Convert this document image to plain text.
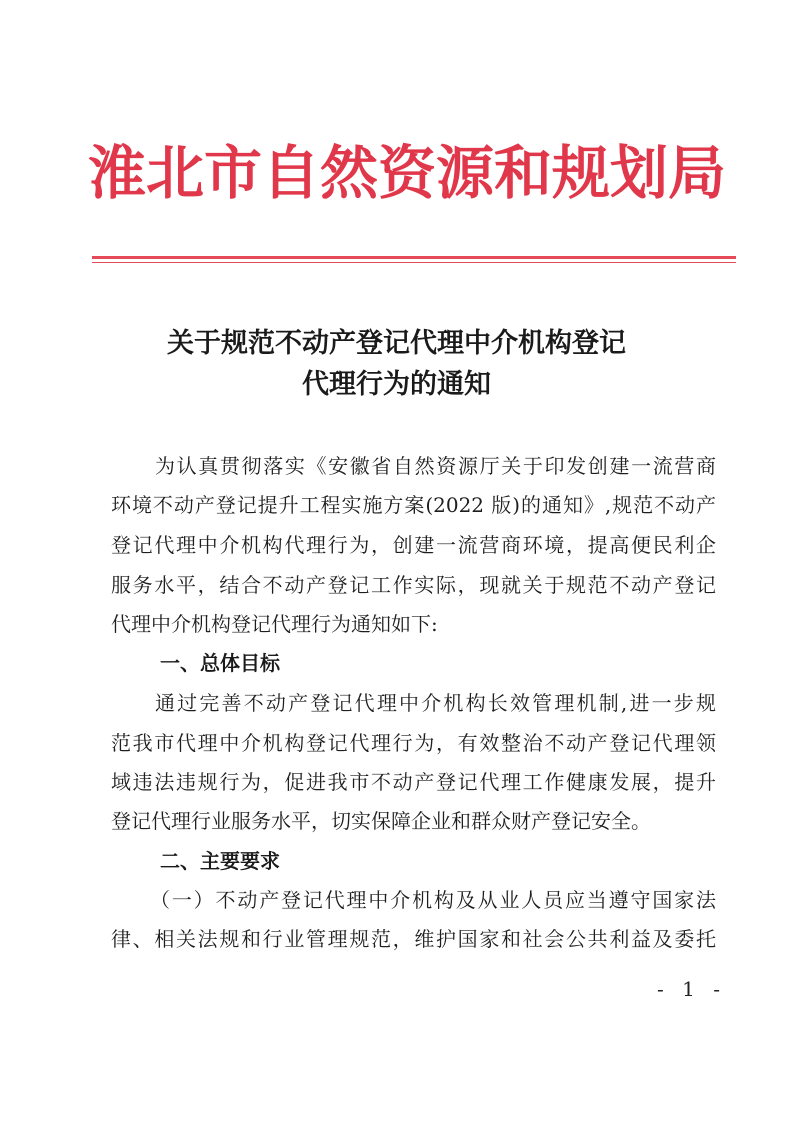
淮北市自然资源和规划局
关于规范不动产登记代理中介机构登记
代理行为的通知
为认真贯彻落实《安徽省自然资源厅关于印发创建一流营商
环境不动产登记提升工程实施方案(2022 版)的通知》,规范不动产
登记代理中介机构代理行为，创建一流营商环境，提高便民利企
服务水平，结合不动产登记工作实际，现就关于规范不动产登记
代理中介机构登记代理行为通知如下:
一、总体目标
通过完善不动产登记代理中介机构长效管理机制,进一步规
范我市代理中介机构登记代理行为，有效整治不动产登记代理领
域违法违规行为，促进我市不动产登记代理工作健康发展，提升
登记代理行业服务水平，切实保障企业和群众财产登记安全。
二、主要要求
（一）不动产登记代理中介机构及从业人员应当遵守国家法
律、相关法规和行业管理规范，维护国家和社会公共利益及委托
- 1 -
